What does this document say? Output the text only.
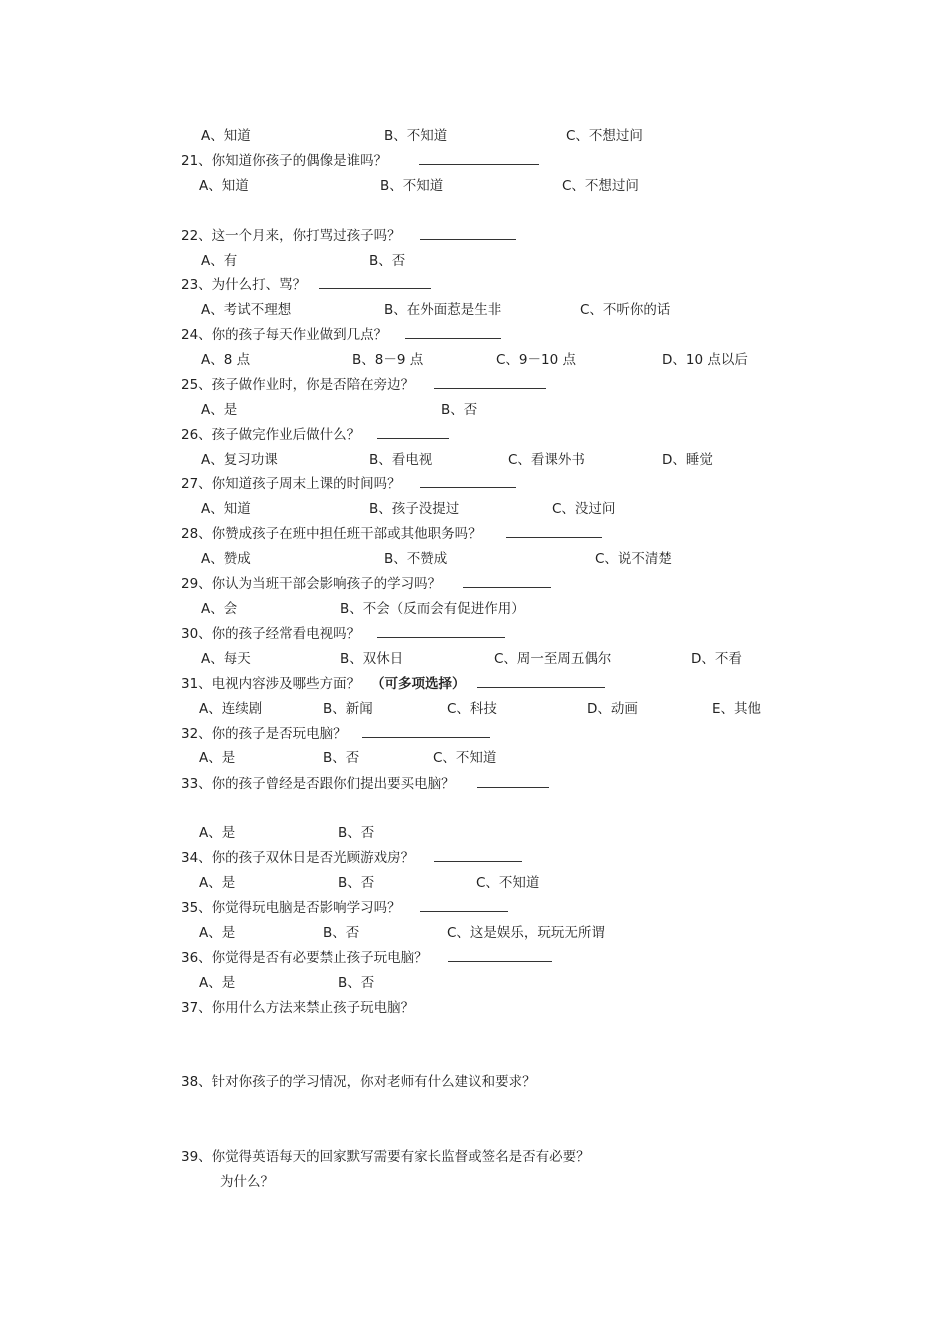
A、知道	B、不知道	C、不想过问
21、你知道你孩子的偶像是谁吗？
A、知道	B、不知道	C、不想过问
22、这一个月来，你打骂过孩子吗？
A、有	B、否
23、为什么打、骂？
A、考试不理想	B、在外面惹是生非	C、不听你的话
24、你的孩子每天作业做到几点？
A、8 点	B、8－9 点	C、9－10 点	D、10 点以后
25、孩子做作业时，你是否陪在旁边？
A、是	B、否
26、孩子做完作业后做什么？
A、复习功课	B、看电视	C、看课外书	D、睡觉
27、你知道孩子周末上课的时间吗？
A、知道	B、孩子没提过	C、没过问
28、你赞成孩子在班中担任班干部或其他职务吗？
A、赞成	B、不赞成	C、说不清楚
29、你认为当班干部会影响孩子的学习吗？
A、会	B、不会（反而会有促进作用）
30、你的孩子经常看电视吗？
A、每天	B、双休日	C、周一至周五偶尔	D、不看
31、电视内容涉及哪些方面？ （可多项选择）
A、连续剧	B、新闻	C、科技	D、动画	E、其他
32、你的孩子是否玩电脑？
A、是	B、否	C、不知道
33、你的孩子曾经是否跟你们提出要买电脑？
A、是	B、否
34、你的孩子双休日是否光顾游戏房？
A、是	B、否	C、不知道
35、你觉得玩电脑是否影响学习吗？
A、是	B、否	C、这是娱乐，玩玩无所谓
36、你觉得是否有必要禁止孩子玩电脑？
A、是	B、否
37、你用什么方法来禁止孩子玩电脑？
38、针对你孩子的学习情况，你对老师有什么建议和要求？
39、你觉得英语每天的回家默写需要有家长监督或签名是否有必要？
为什么？
